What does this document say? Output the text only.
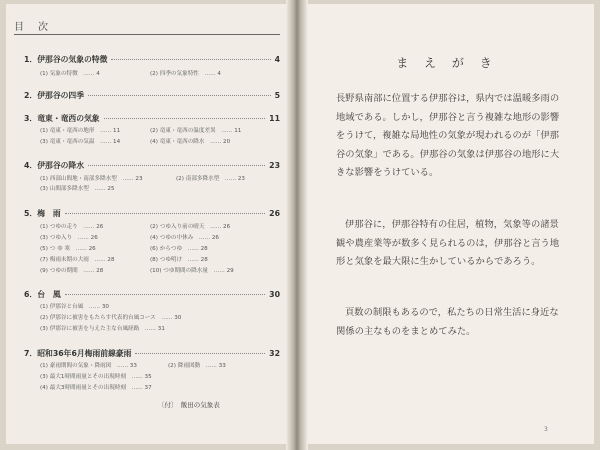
目　次
1．伊那谷の気象の特徴	4
(1) 気象の特徴　…… 4	(2) 四季の気象特性　…… 4
2．伊那谷の四季	5
3．竜東・竜西の気象	11
(1) 竜東・竜西の地形　…… 11	(2) 竜東・竜西の温度差異　…… 11
(3) 竜東・竜西の気温　…… 14	(4) 竜東・竜西の降水　…… 20
4．伊那谷の降水	23
(1) 西部山間地・南部多降水型　…… 23	(2) 南部多降水型　…… 23
(3) 山間部多降水型　…… 25
5．梅　雨	26
(1) つゆの走り　…… 26	(2) つゆ入り前の晴天　…… 26
(3) つゆ入り　…… 26	(4) つゆの中休み　…… 26
(5) つ ゆ 寒　…… 26	(6) からつゆ　…… 28
(7) 梅雨末期の大雨　…… 28	(8) つゆ明け　…… 28
(9) つゆの期間　…… 28	(10) つゆ期間の降水量　…… 29
6．台　風	30
(1) 伊那谷と台風　…… 30
(2) 伊那谷に被害をもたらす代表的台風コース　…… 30
(3) 伊那谷に被害を与えた主な台風経路　…… 31
7．昭和36年6月梅雨前線豪雨	32
(1) 豪雨期間の気象・降雨図　…… 33	(2) 降雨図動　…… 33
(3) 最大1時間雨量とその出現時刻　…… 35
(4) 最大3時間雨量とその出現時刻　…… 37
〔付〕　飯田の気象表
ま え が き
長野県南部に位置する伊那谷は，県内では温暖多雨の地域である。しかし，伊那谷と言う複雑な地形の影響をうけて，複雑な局地性の気象が現われるのが「伊那谷の気象」である。伊那谷の気象は伊那谷の地形に大きな影響をうけている。
伊那谷に，伊那谷特有の住居，植物，気象等の諸景観や農産業等が数多く見られるのは，伊那谷と言う地形と気象を最大限に生かしているからであろう。
頁数の制限もあるので，私たちの日常生活に身近な関係の主なものをまとめてみた。
3
